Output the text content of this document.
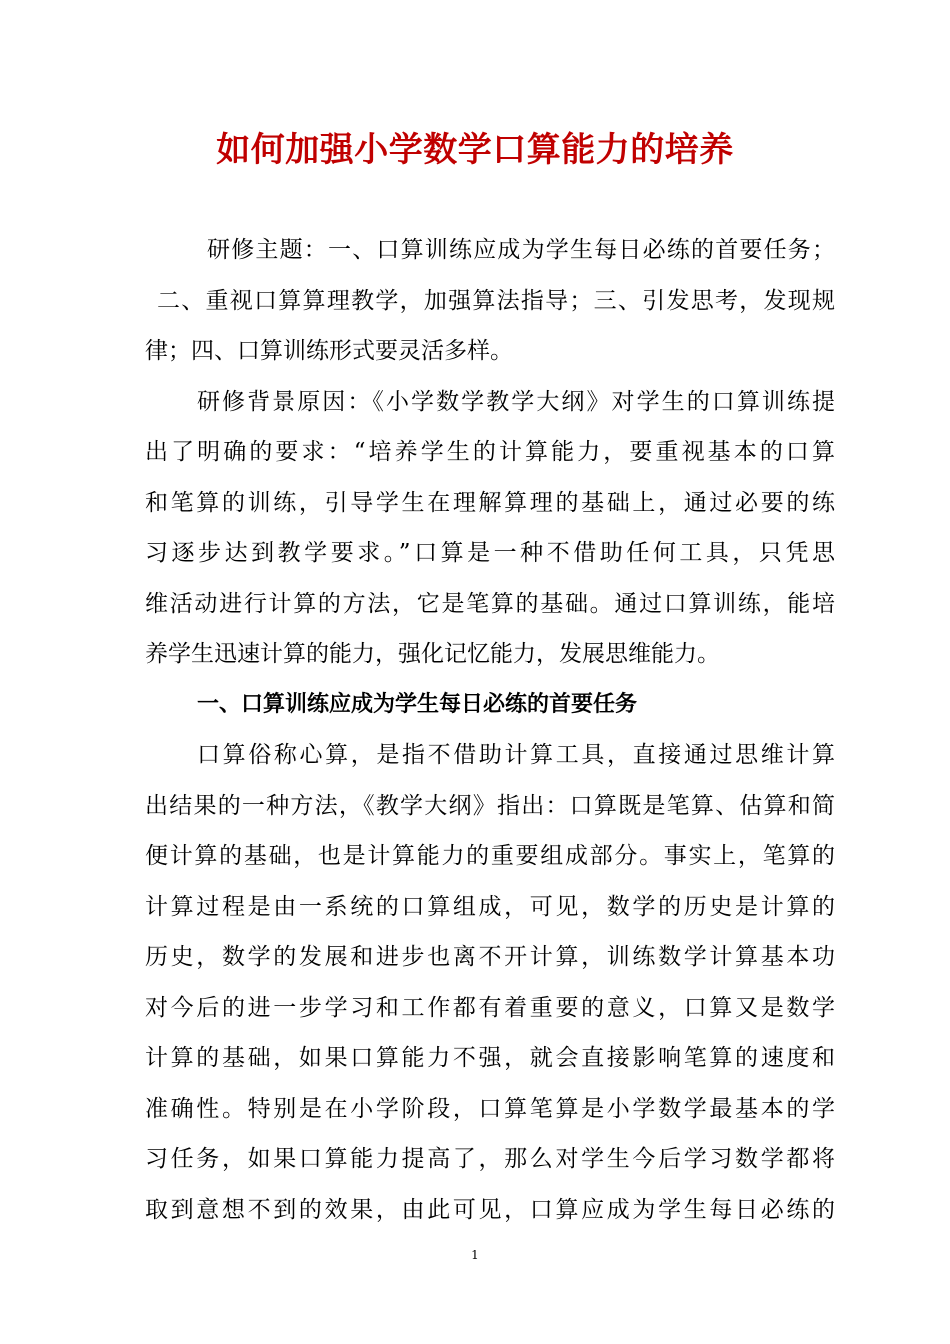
如何加强小学数学口算能力的培养
研修主题：一、口算训练应成为学生每日必练的首要任务；
二、重视口算算理教学，加强算法指导；三、引发思考，发现规
律；四、口算训练形式要灵活多样。
研修背景原因：《小学数学教学大纲》对学生的口算训练提
出了明确的要求：“培养学生的计算能力，要重视基本的口算
和笔算的训练，引导学生在理解算理的基础上，通过必要的练
习逐步达到教学要求。”口算是一种不借助任何工具，只凭思
维活动进行计算的方法，它是笔算的基础。通过口算训练，能培
养学生迅速计算的能力，强化记忆能力，发展思维能力。
一、口算训练应成为学生每日必练的首要任务
口算俗称心算，是指不借助计算工具，直接通过思维计算
出结果的一种方法，《教学大纲》指出：口算既是笔算、估算和简
便计算的基础，也是计算能力的重要组成部分。事实上，笔算的
计算过程是由一系统的口算组成，可见，数学的历史是计算的
历史，数学的发展和进步也离不开计算，训练数学计算基本功
对今后的进一步学习和工作都有着重要的意义，口算又是数学
计算的基础，如果口算能力不强，就会直接影响笔算的速度和
准确性。特别是在小学阶段，口算笔算是小学数学最基本的学
习任务，如果口算能力提高了，那么对学生今后学习数学都将
取到意想不到的效果，由此可见，口算应成为学生每日必练的
1
